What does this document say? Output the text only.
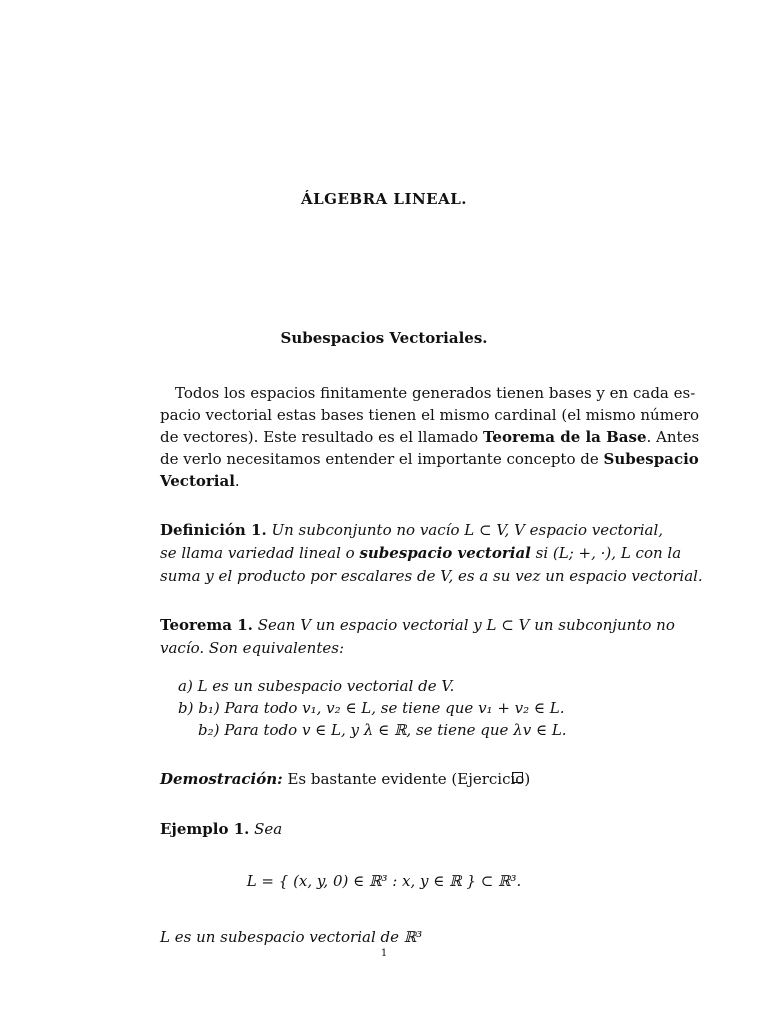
ÁLGEBRA LINEAL.
Subespacios Vectoriales.
Todos los espacios finitamente generados tienen bases y en cada es-
pacio vectorial estas bases tienen el mismo cardinal (el mismo número
de vectores). Este resultado es el llamado Teorema de la Base. Antes
de verlo necesitamos entender el importante concepto de Subespacio
Vectorial.
Definición 1. Un subconjunto no vacío L ⊂ V, V espacio vectorial,
se llama variedad lineal o subespacio vectorial si (L; +, ·), L con la
suma y el producto por escalares de V, es a su vez un espacio vectorial.
Teorema 1. Sean V un espacio vectorial y L ⊂ V un subconjunto no
vacío. Son equivalentes:
a) L es un subespacio vectorial de V.
b) b₁) Para todo v₁, v₂ ∈ L, se tiene que v₁ + v₂ ∈ L.
b₂) Para todo v ∈ L, y λ ∈ ℝ, se tiene que λv ∈ L.
Demostración: Es bastante evidente (Ejercicio)
Ejemplo 1. Sea
L = { (x, y, 0) ∈ ℝ³ : x, y ∈ ℝ } ⊂ ℝ³.
L es un subespacio vectorial de ℝ³
1
